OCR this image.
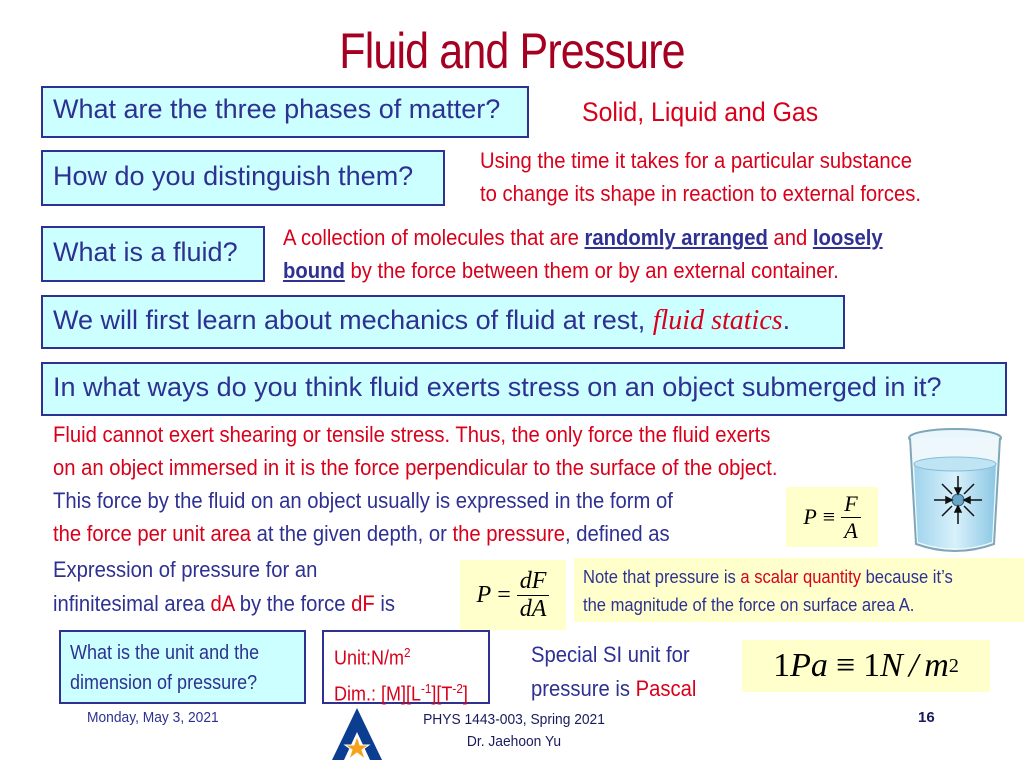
Fluid and Pressure
What are the three phases of matter?	Solid, Liquid and Gas
How do you distinguish them?
Using the time it takes for a particular substance
to change its shape in reaction to external forces.
What is a fluid?	A collection of molecules that are randomly arranged and loosely
bound by the force between them or by an external container.
We will first learn about mechanics of fluid at rest, fluid statics.
In what ways do you think fluid exerts stress on an object submerged in it?
Fluid cannot exert shearing or tensile stress. Thus, the only force the fluid exerts
on an object immersed in it is the force perpendicular to the surface of the object.
This force by the fluid on an object usually is expressed in the form of
the force per unit area at the given depth, or the pressure, defined as
$P \equiv \frac{F}{A}$
Expression of pressure for an
infinitesimal area dA by the force dF is	$P = \frac{dF}{dA}$ Note that pressure is a scalar quantity because it’s
the magnitude of the force on surface area A.
What is the unit and the
dimension of pressure?
$Unit:N/m^2$
Dim.: $[M][L^{-1}][T^{-2}]$
Special SI unit for
pressure is Pascal
1 Pa ≡ 1 N / m 2
Monday, May 3, 2021	PHYS 1443-003, Spring 2021
Dr. Jaehoon Yu
16
